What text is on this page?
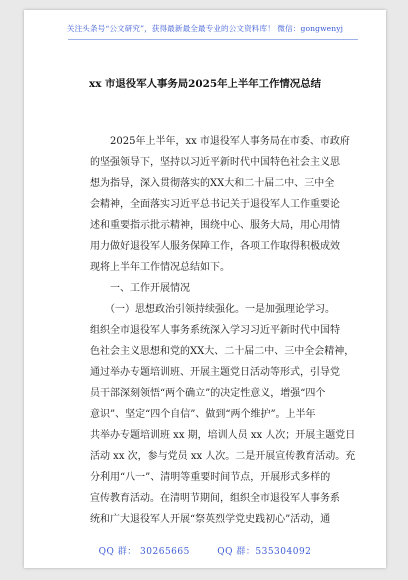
关注头条号“公文研究”，获得最新最全最专业的公文资料库！ 微信：gongwenyj
xx 市退役军人事务局2025年上半年工作情况总结
　　2025年上半年，xx 市退役军人事务局在市委、市政府
的坚强领导下，坚持以习近平新时代中国特色社会主义思
想为指导，深入贯彻落实的XX大和二十届二中、三中全
会精神，全面落实习近平总书记关于退役军人工作重要论
述和重要指示批示精神，围绕中心、服务大局，用心用情
用力做好退役军人服务保障工作，各项工作取得积极成效
现将上半年工作情况总结如下。
　　一、工作开展情况
　　（一）思想政治引领持续强化。一是加强理论学习。
组织全市退役军人事务系统深入学习习近平新时代中国特
色社会主义思想和党的XX大、二十届二中、三中全会精神，
通过举办专题培训班、开展主题党日活动等形式，引导党
员干部深刻领悟“两个确立”的决定性意义，增强“四个
意识”、坚定“四个自信”、做到“两个维护”。上半年
共举办专题培训班 xx 期，培训人员 xx 人次；开展主题党日
活动 xx 次，参与党员 xx 人次。二是开展宣传教育活动。充
分利用“八一”、清明等重要时间节点，开展形式多样的
宣传教育活动。在清明节期间，组织全市退役军人事务系
统和广大退役军人开展“祭英烈学党史践初心”活动，通
QQ 群： 30265665	QQ 群：535304092
